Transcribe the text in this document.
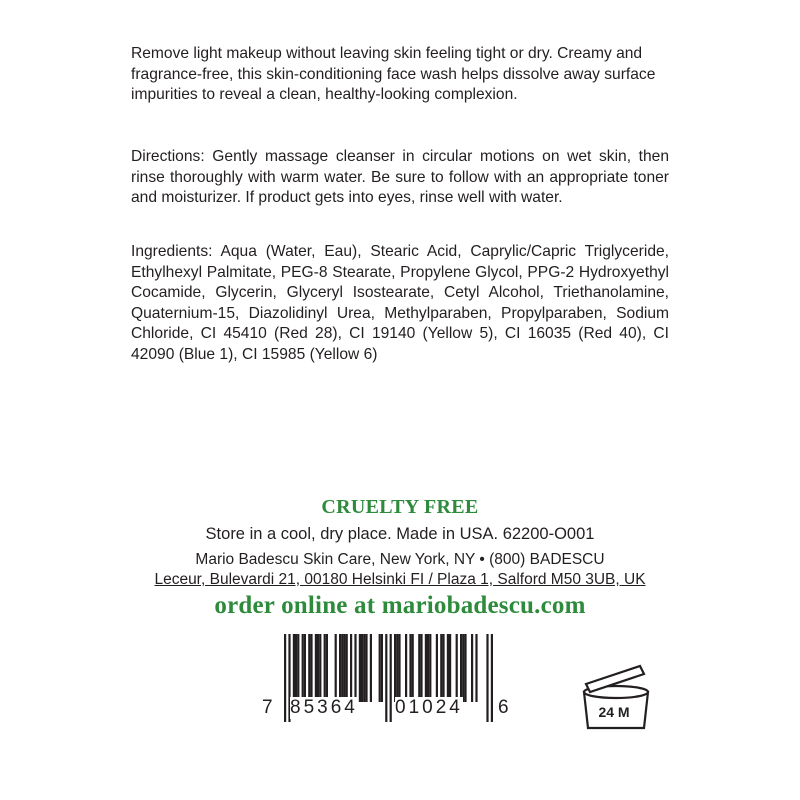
Remove light makeup without leaving skin feeling tight or dry. Creamy and fragrance-free, this skin-conditioning face wash helps dissolve away surface impurities to reveal a clean, healthy-looking complexion.

Directions: Gently massage cleanser in circular motions on wet skin, then rinse thoroughly with warm water. Be sure to follow with an appropriate toner and moisturizer. If product gets into eyes, rinse well with water.

Ingredients: Aqua (Water, Eau), Stearic Acid, Caprylic/Capric Triglyceride, Ethylhexyl Palmitate, PEG-8 Stearate, Propylene Glycol, PPG-2 Hydroxyethyl Cocamide, Glycerin, Glyceryl Isostearate, Cetyl Alcohol, Triethanolamine, Quaternium-15, Diazolidinyl Urea, Methylparaben, Propylparaben, Sodium Chloride, CI 45410 (Red 28), CI 19140 (Yellow 5), CI 16035 (Red 40), CI 42090 (Blue 1), CI 15985 (Yellow 6)

CRUELTY FREE

Store in a cool, dry place. Made in USA. 62200-O001

Mario Badescu Skin Care, New York, NY • (800) BADESCU

Leceur, Bulevardi 21, 00180 Helsinki FI / Plaza 1, Salford M50 3UB, UK

order online at mariobadescu.com

7 85364 01024 6	24 M
